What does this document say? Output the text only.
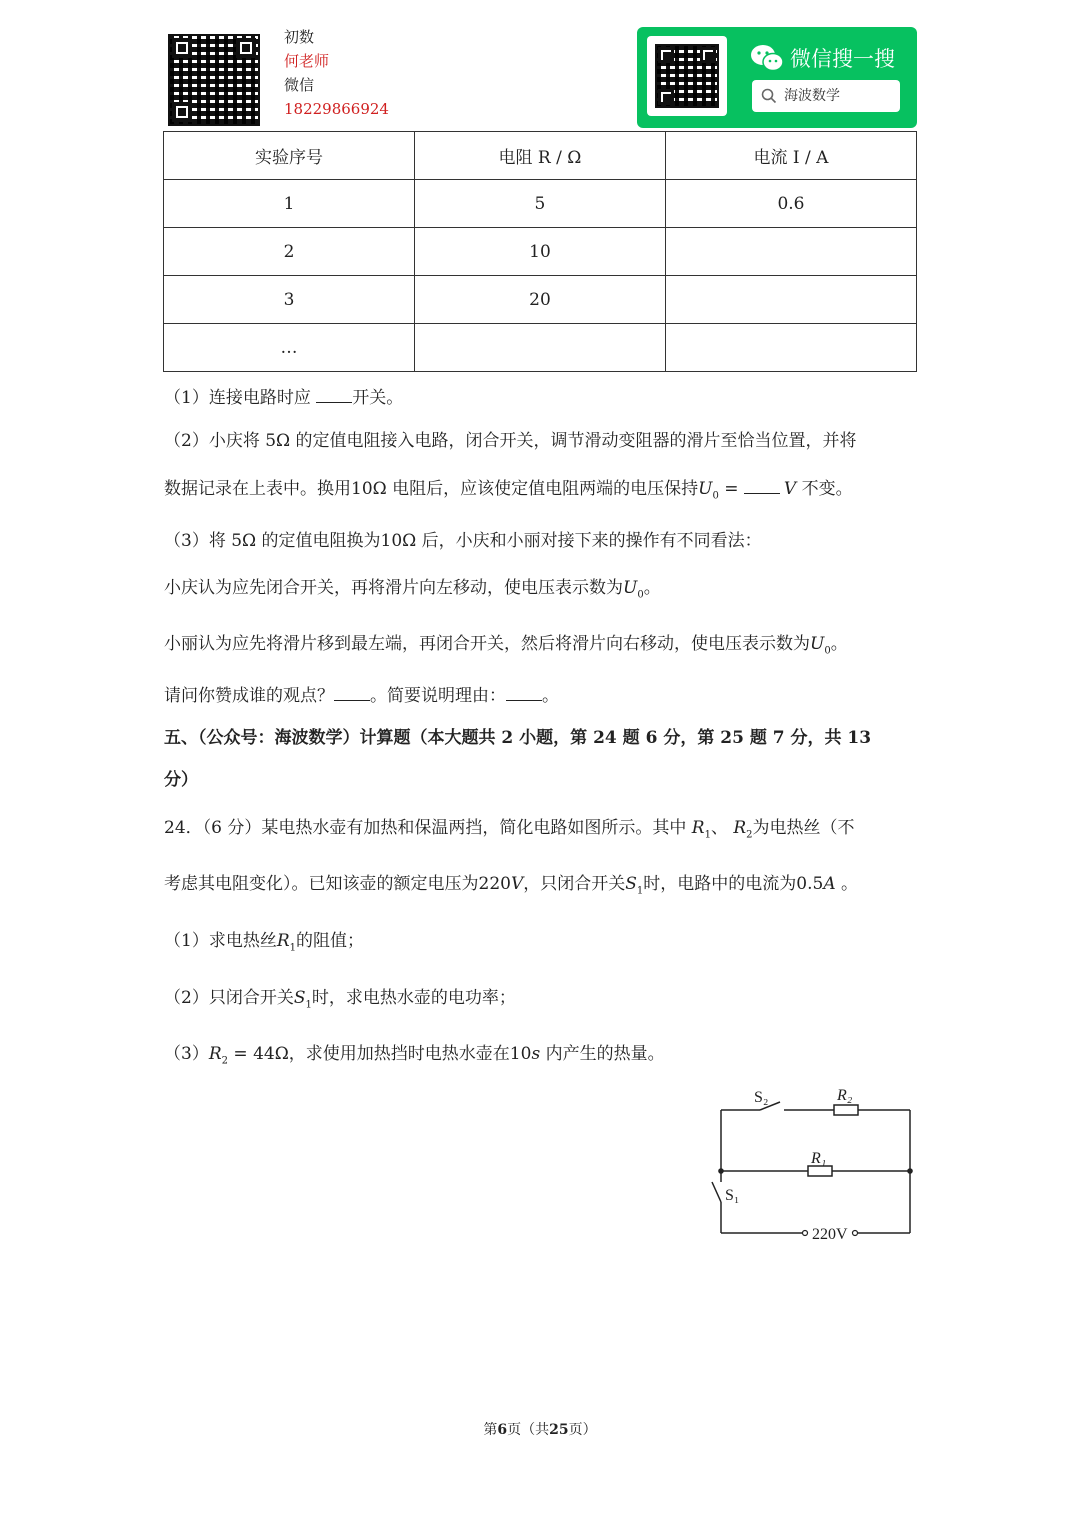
初数
何老师
微信
18229866924
微信搜一搜
海波数学
实验序号	电阻 R / Ω	电流 I / A
1	5	0.6
2	10	
3	20	
…		
（1）连接电路时应 开关。
（2）小庆将 5Ω 的定值电阻接入电路，闭合开关，调节滑动变阻器的滑片至恰当位置，并将
数据记录在上表中。换用10Ω 电阻后，应该使定值电阻两端的电压保持$U_0 = V$ 不变。
（3）将 5Ω 的定值电阻换为10Ω 后，小庆和小丽对接下来的操作有不同看法：
小庆认为应先闭合开关，再将滑片向左移动，使电压表示数为$U_0$。
小丽认为应先将滑片移到最左端，再闭合开关，然后将滑片向右移动，使电压表示数为$U_0$。
请问你赞成谁的观点？ 。简要说明理由： 。
五、（公众号：海波数学）计算题（本大题共 2 小题，第 24 题 6 分，第 25 题 7 分，共 13
分）
24．（6 分）某电热水壶有加热和保温两挡，简化电路如图所示。其中 $R_1$、 $R_2$为电热丝（不
考虑其电阻变化）。已知该壶的额定电压为220V，只闭合开关$S_1$时，电路中的电流为0.5A 。
（1）求电热丝$R_1$的阻值；
（2）只闭合开关$S_1$时，求电热水壶的电功率；
$(3)R_2 = 44\Omega$，求使用加热挡时电热水壶在10s 内产生的热量。
S₂	R₂
R₁
S₁
220V
第6页（共25页）
